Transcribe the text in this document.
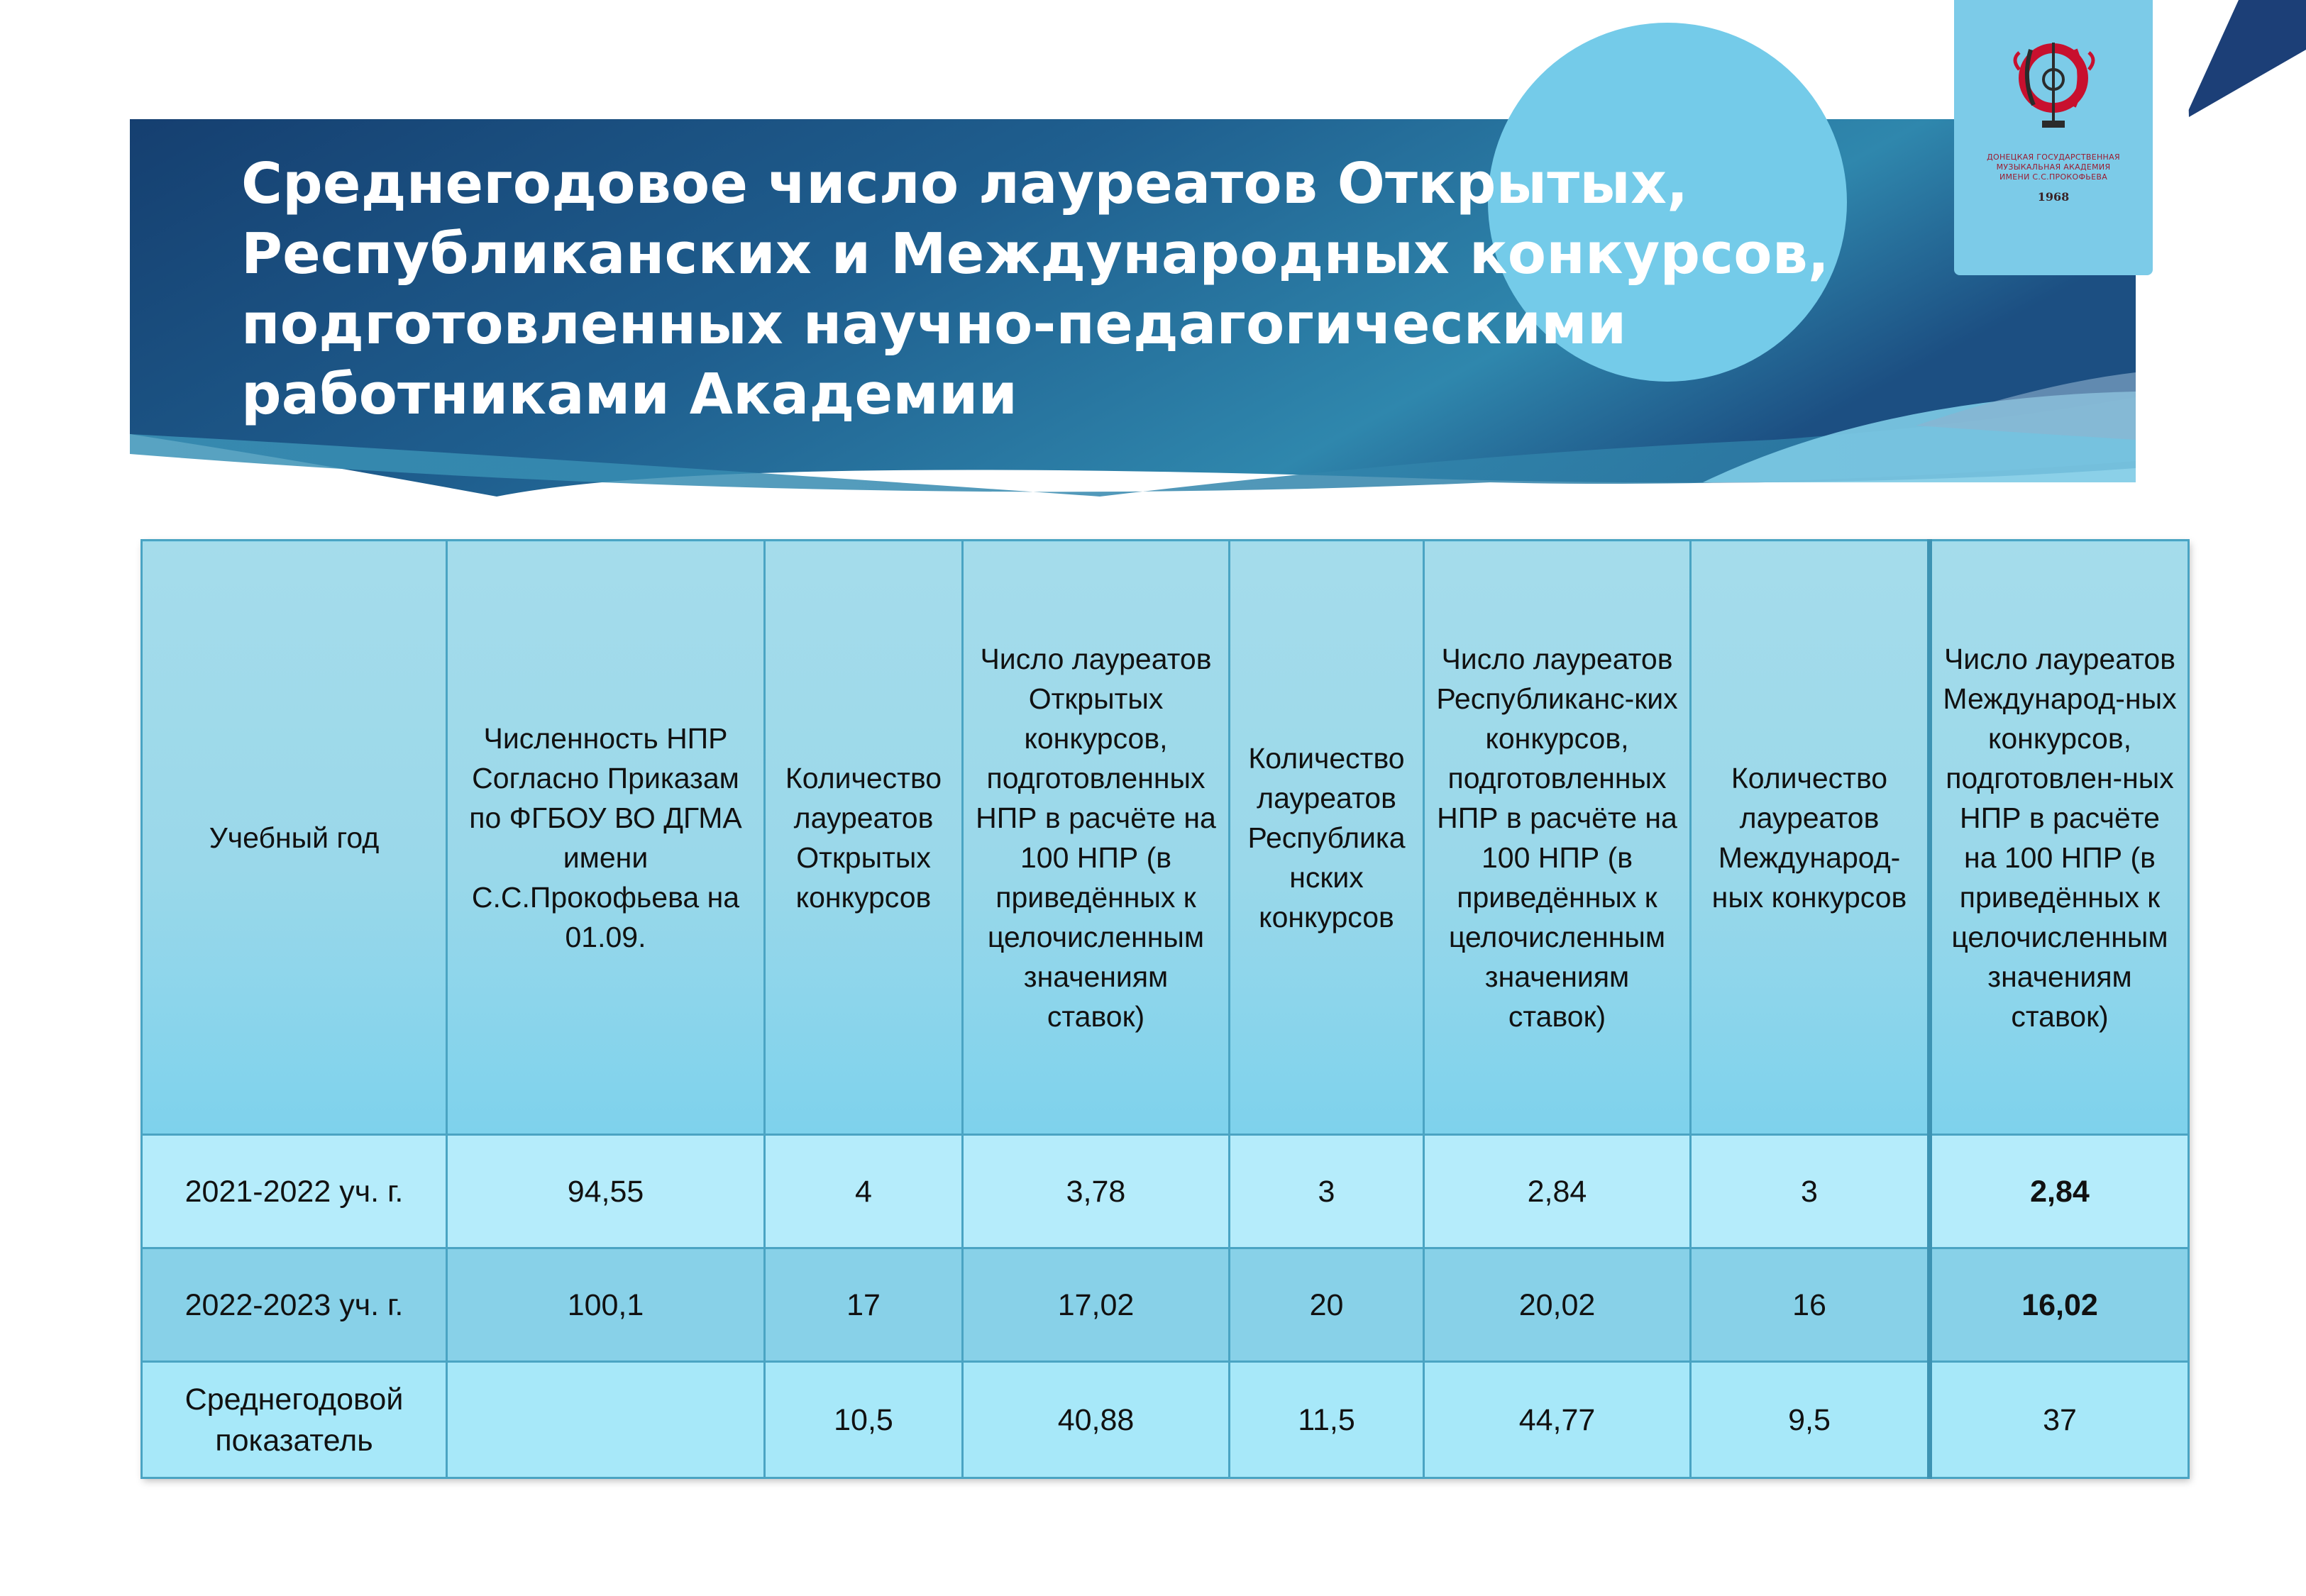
Среднегодовое число лауреатов Открытых, Республиканских и Международных конкурсов, подготовленных научно-педагогическими работниками Академии
ДОНЕЦКАЯ ГОСУДАРСТВЕННАЯ
МУЗЫКАЛЬНАЯ АКАДЕМИЯ
ИМЕНИ С.С.ПРОКОФЬЕВА
1968
Учебный год	Численность НПР Согласно Приказам по ФГБОУ ВО ДГМА имени С.С.Прокофьева на 01.09.	Количество лауреатов Открытых конкурсов	Число лауреатов Открытых конкурсов, подготовленных НПР в расчёте на 100 НПР (в приведённых к целочисленным значениям ставок)	Количество лауреатов Республика нских конкурсов	Число лауреатов Республиканс-ких конкурсов, подготовленных НПР в расчёте на 100 НПР (в приведённых к целочисленным значениям ставок)	Количество лауреатов Международ-ных конкурсов	Число лауреатов Международ-ных конкурсов, подготовлен-ных НПР в расчёте на 100 НПР (в приведённых к целочисленным значениям ставок)
2021-2022 уч. г.	94,55	4	3,78	3	2,84	3	2,84
2022-2023 уч. г.	100,1	17	17,02	20	20,02	16	16,02
Среднегодовой показатель		10,5	40,88	11,5	44,77	9,5	37
